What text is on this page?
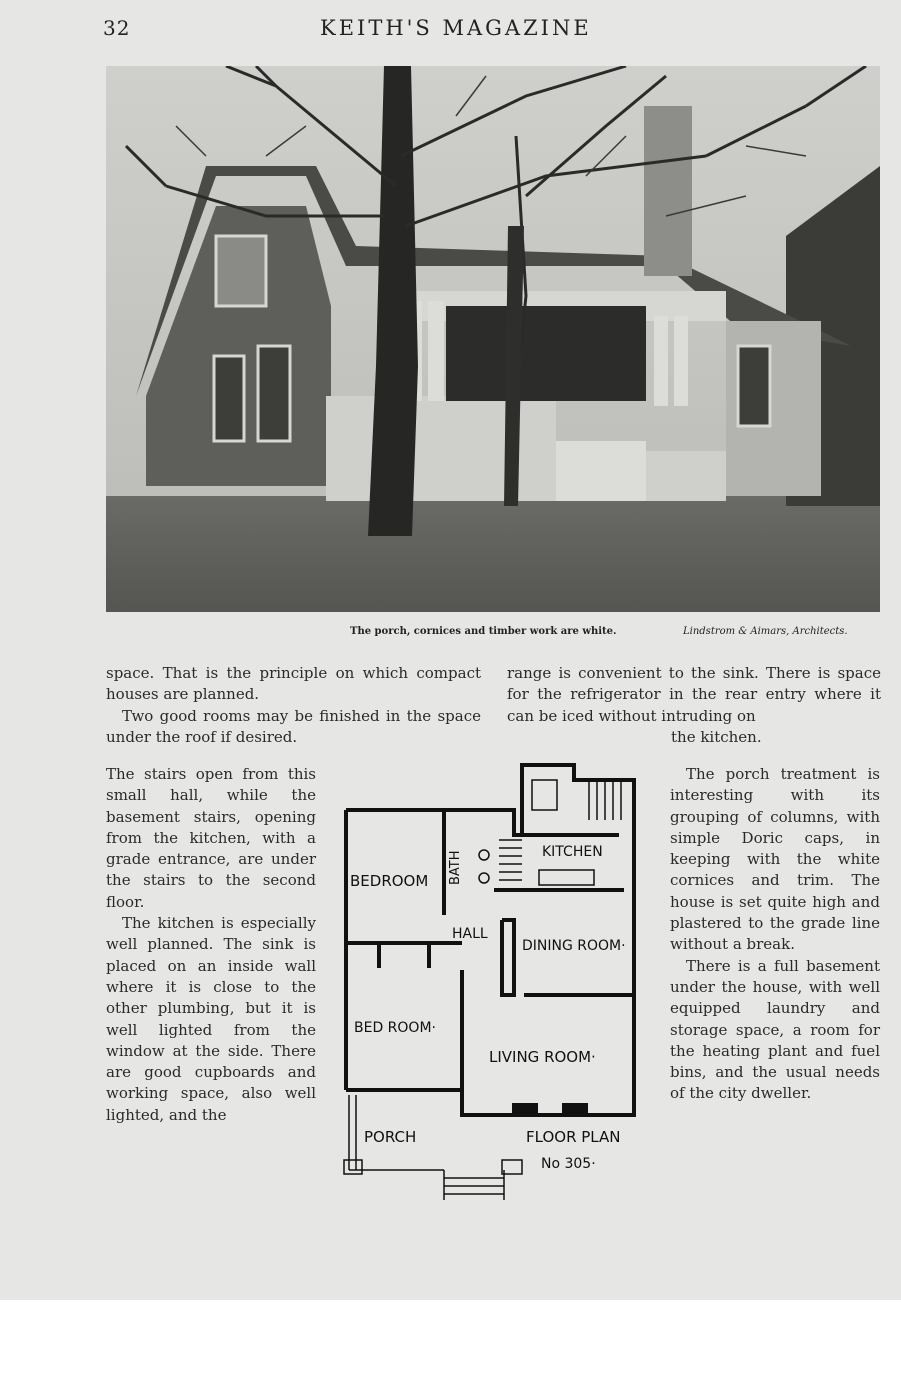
32	KEITH'S MAGAZINE
The porch, cornices and timber work are white.	Lindstrom & Aimars, Architects.

space. That is the principle on which compact houses are planned.

Two good rooms may be finished in the space under the roof if desired.

The stairs open from this small hall, while the basement stairs, opening from the kitchen, with a grade entrance, are under the stairs to the second floor.

The kitchen is especially well planned. The sink is placed on an inside wall where it is close to the other plumbing, but it is well lighted from the window at the side. There are good cupboards and working space, also well lighted, and the

range is convenient to the sink. There is space for the refrigerator in the rear entry where it can be iced without intruding on

the kitchen.

The porch treatment is interesting with its grouping of columns, with simple Doric caps, in keeping with the white cornices and trim. The house is set quite high and plastered to the grade line without a break.

There is a full basement under the house, with well equipped laundry and storage space, a room for the heating plant and fuel bins, and the usual needs of the city dweller.

BEDROOM BATH	KITCHEN
HALL
DINING ROOM·
BED ROOM·
LIVING ROOM·
PORCH	FLOOR PLAN
No 305·
